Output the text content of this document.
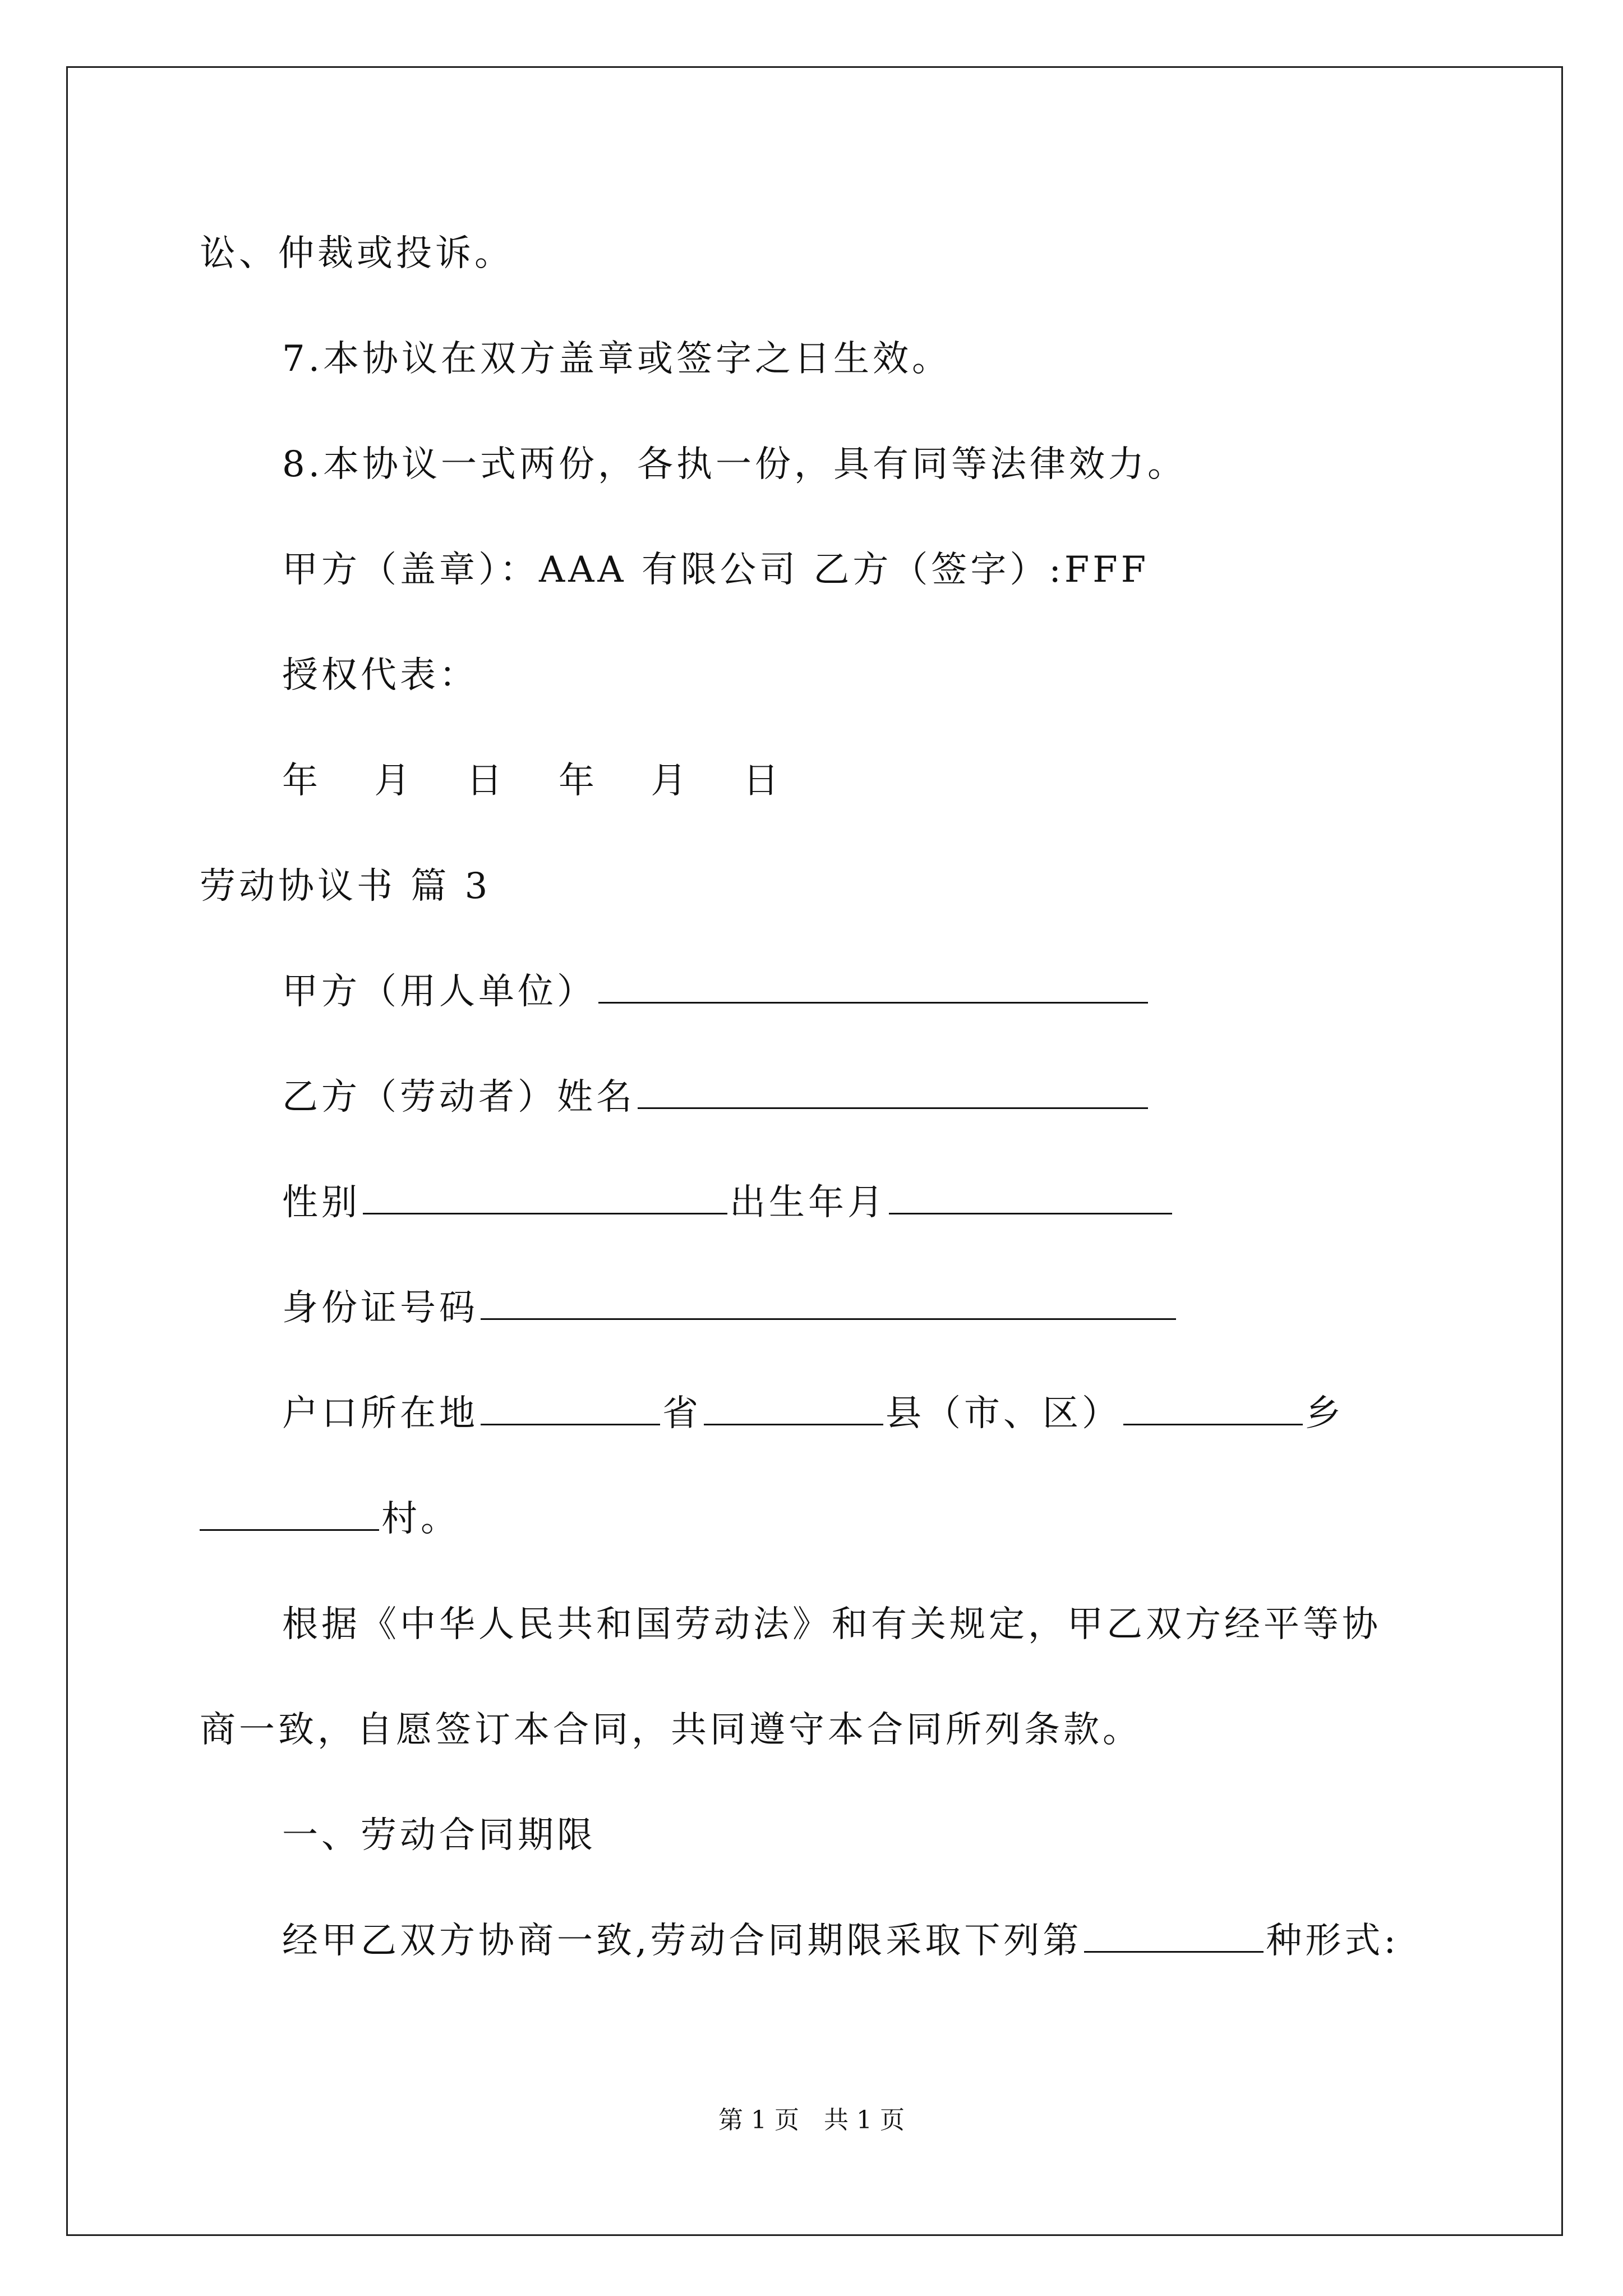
讼、仲裁或投诉。
7.本协议在双方盖章或签字之日生效。
8.本协议一式两份，各执一份，具有同等法律效力。
甲方（盖章）：AAA 有限公司 乙方（签字）:FFF
授权代表：
年 月 日 年 月 日
劳动协议书 篇 3
甲方（用人单位）
乙方（劳动者）姓名
性别	出生年月
身份证号码
户口所在地	省	县（市、区）	乡
村。
根据《中华人民共和国劳动法》和有关规定，甲乙双方经平等协
商一致，自愿签订本合同，共同遵守本合同所列条款。
一、劳动合同期限
经甲乙双方协商一致,劳动合同期限采取下列第	种形式:
第 1 页　共 1 页
